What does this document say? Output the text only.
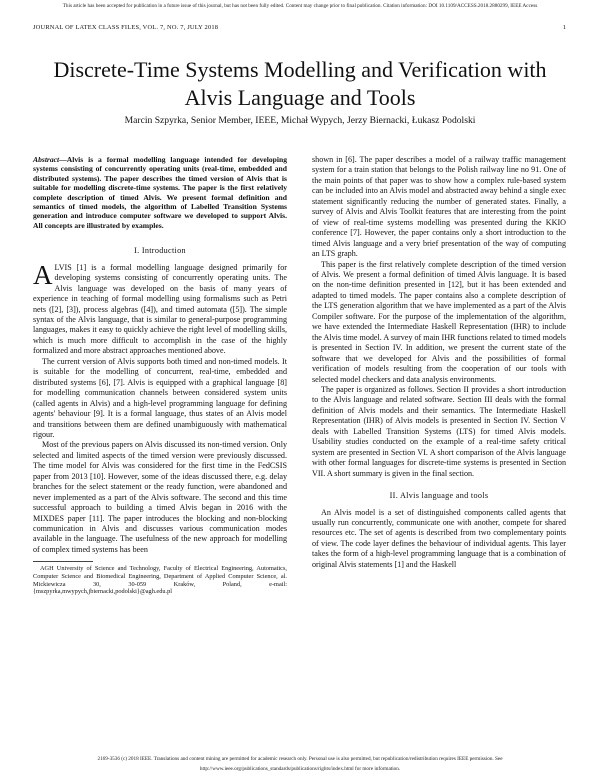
This article has been accepted for publication in a future issue of this journal, but has not been fully edited. Content may change prior to final publication. Citation information: DOI 10.1109/ACCESS.2018.2880299, IEEE Access
JOURNAL OF LATEX CLASS FILES, VOL. 7, NO. 7, JULY 2018	1
Discrete-Time Systems Modelling and Verification with Alvis Language and Tools
Marcin Szpyrka, Senior Member, IEEE, Michał Wypych, Jerzy Biernacki, Łukasz Podolski

Abstract—Alvis is a formal modelling language intended for developing systems consisting of concurrently operating units (real-time, embedded and distributed systems). The paper describes the timed version of Alvis that is suitable for modelling discrete-time systems. The paper is the first relatively complete description of timed Alvis. We present formal definition and semantics of timed models, the algorithm of Labelled Transition Systems generation and introduce computer software we developed to support Alvis. All concepts are illustrated by examples.

I. Introduction

ALVIS [1] is a formal modelling language designed primarily for developing systems consisting of concurrently operating units. The Alvis language was developed on the basis of many years of experience in teaching of formal modelling using formalisms such as Petri nets ([2], [3]), process algebras ([4]), and timed automata ([5]). The simple syntax of the Alvis language, that is similar to general-purpose programming languages, makes it easy to quickly achieve the right level of modelling skills, which is much more difficult to accomplish in the case of the highly formalized and more abstract approaches mentioned above.

The current version of Alvis supports both timed and non-timed models. It is suitable for the modelling of concurrent, real-time, embedded and distributed systems [6], [7]. Alvis is equipped with a graphical language [8] for modelling communication channels between considered system units (called agents in Alvis) and a high-level programming language for defining agents' behaviour [9]. It is a formal language, thus states of an Alvis model and transitions between them are defined unambiguously with mathematical rigour.

Most of the previous papers on Alvis discussed its non-timed version. Only selected and limited aspects of the timed version were previously discussed. The time model for Alvis was considered for the first time in the FedCSIS paper from 2013 [10]. However, some of the ideas discussed there, e.g. delay branches for the select statement or the ready function, were abandoned and never implemented as a part of the Alvis software. The second and this time successful approach to building a timed Alvis began in 2016 with the MIXDES paper [11]. The paper introduces the blocking and non-blocking communication in Alvis and discusses various communication modes available in the language. The usefulness of the new approach for modelling of complex timed systems has been

AGH University of Science and Technology, Faculty of Electrical Engineering, Automatics, Computer Science and Biomedical Engineering, Department of Applied Computer Science, al. Mickiewicza 30, 30-059 Kraków, Poland, e-mail: {mszpyrka,mwypych,jbiernacki,podolski}@agh.edu.pl

shown in [6]. The paper describes a model of a railway traffic management system for a train station that belongs to the Polish railway line no 91. One of the main points of that paper was to show how a complex rule-based system can be included into an Alvis model and abstracted away behind a single exec statement significantly reducing the number of generated states. Finally, a survey of Alvis and Alvis Toolkit features that are interesting from the point of view of real-time systems modelling was presented during the KKIO conference [7]. However, the paper contains only a short introduction to the timed Alvis language and a very brief presentation of the way of computing an LTS graph.

This paper is the first relatively complete description of the timed version of Alvis. We present a formal definition of timed Alvis language. It is based on the non-time definition presented in [12], but it has been extended and adapted to timed models. The paper contains also a complete description of the LTS generation algorithm that we have implemented as a part of the Alvis Compiler software. For the purpose of the implementation of the algorithm, we have extended the Intermediate Haskell Representation (IHR) to include the Alvis time model. A survey of main IHR functions related to timed models is presented in Section IV. In addition, we present the current state of the software that we developed for Alvis and the possibilities of formal verification of models resulting from the cooperation of our tools with selected model checkers and data analysis environments.

The paper is organized as follows. Section II provides a short introduction to the Alvis language and related software. Section III deals with the formal definition of Alvis models and their semantics. The Intermediate Haskell Representation (IHR) of Alvis models is presented in Section IV. Section V deals with Labelled Transition Systems (LTS) for timed Alvis models. Usability studies conducted on the example of a real-time safety critical system are presented in Section VI. A short comparison of the Alvis language with other formal languages for discrete-time systems is presented in Section VII. A short summary is given in the final section.

II. Alvis language and tools

An Alvis model is a set of distinguished components called agents that usually run concurrently, communicate one with another, compete for shared resources etc. The set of agents is described from two complementary points of view. The code layer defines the behaviour of individual agents. This layer takes the form of a high-level programming language that is a combination of original Alvis statements [1] and the Haskell

2169-3536 (c) 2018 IEEE. Translations and content mining are permitted for academic research only. Personal use is also permitted, but republication/redistribution requires IEEE permission. See
http://www.ieee.org/publications_standards/publications/rights/index.html for more information.
